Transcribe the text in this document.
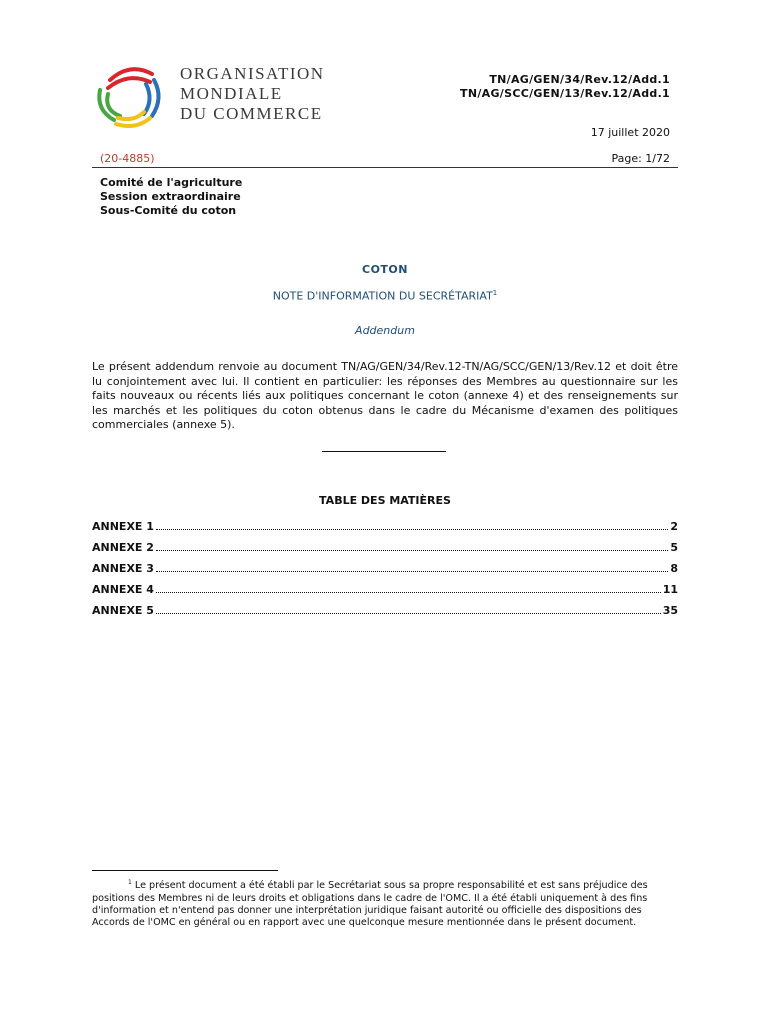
ORGANISATION
MONDIALE
DU COMMERCE
TN/AG/GEN/34/Rev.12/Add.1
TN/AG/SCC/GEN/13/Rev.12/Add.1
17 juillet 2020
(20-4885)	Page: 1/72
Comité de l'agriculture
Session extraordinaire
Sous-Comité du coton
COTON
NOTE D'INFORMATION DU SECRÉTARIAT$^1$
Addendum
Le présent addendum renvoie au document TN/AG/GEN/34/Rev.12-TN/AG/SCC/GEN/13/Rev.12 et doit être lu conjointement avec lui. Il contient en particulier: les réponses des Membres au questionnaire sur les faits nouveaux ou récents liés aux politiques concernant le coton (annexe 4) et des renseignements sur les marchés et les politiques du coton obtenus dans le cadre du Mécanisme d'examen des politiques commerciales (annexe 5).
TABLE DES MATIÈRES
ANNEXE 1	2
ANNEXE 2	5
ANNEXE 3	8
ANNEXE 4	11
ANNEXE 5	35
$^1$ Le présent document a été établi par le Secrétariat sous sa propre responsabilité et est sans préjudice des positions des Membres ni de leurs droits et obligations dans le cadre de l'OMC. Il a été établi uniquement à des fins d'information et n'entend pas donner une interprétation juridique faisant autorité ou officielle des dispositions des Accords de l'OMC en général ou en rapport avec une quelconque mesure mentionnée dans le présent document.
